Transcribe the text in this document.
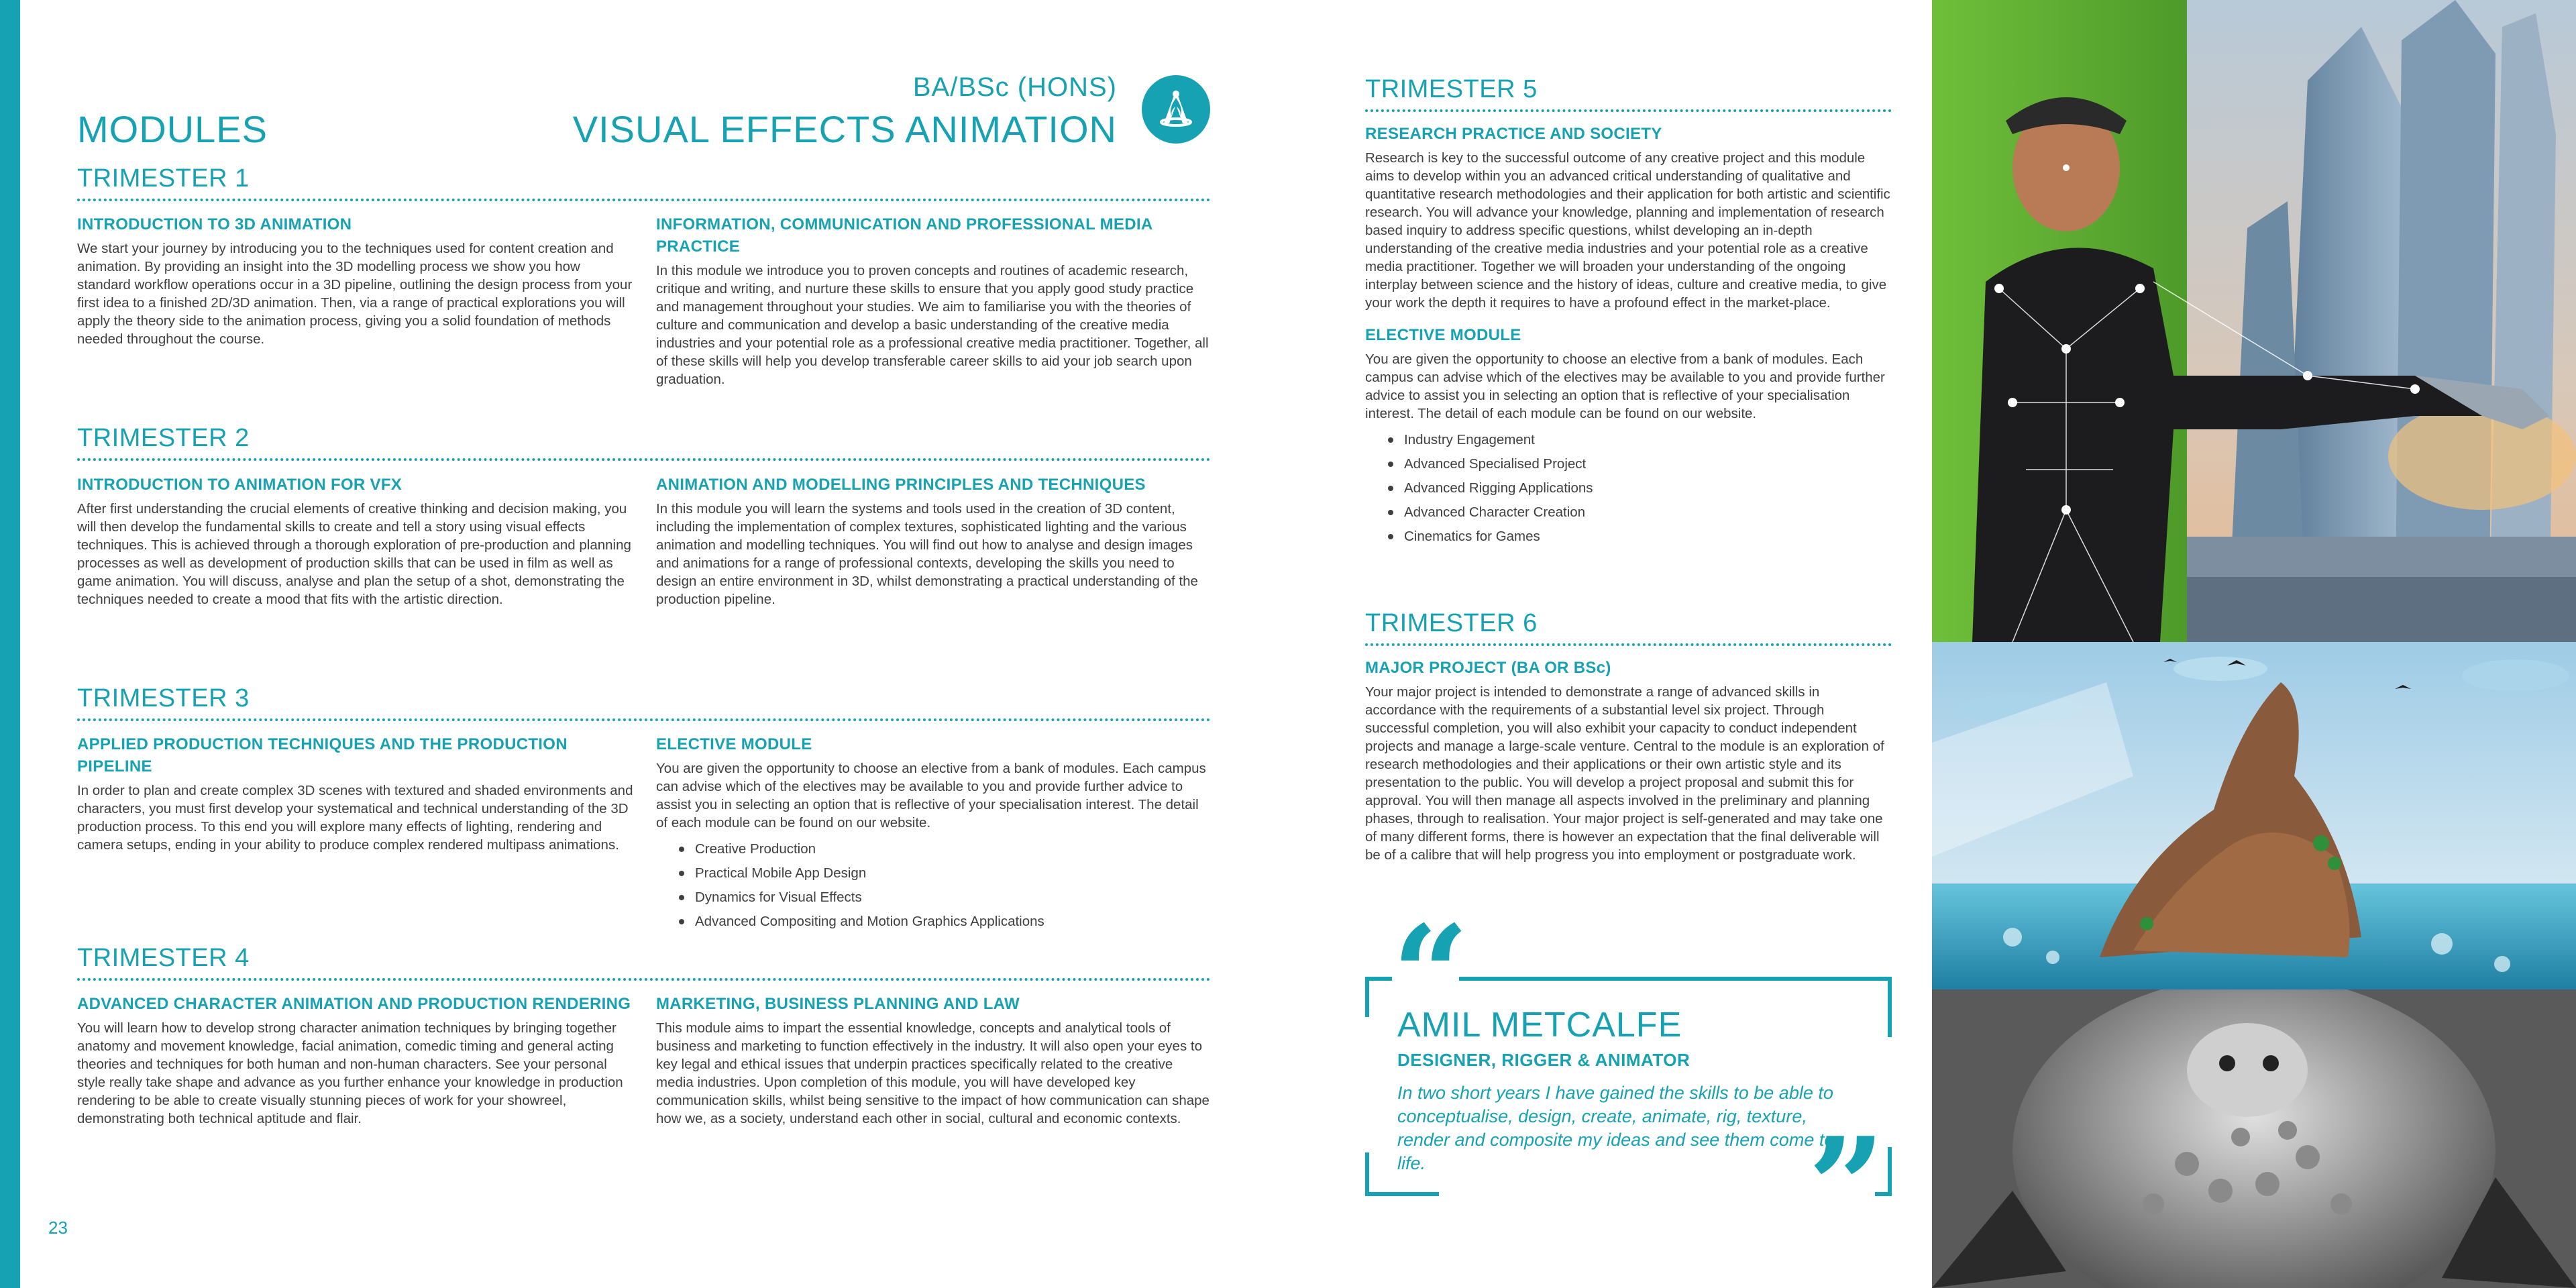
23
MODULES
BA/BSc (HONS)
VISUAL EFFECTS ANIMATION
TRIMESTER 1
INTRODUCTION TO 3D ANIMATION
We start your journey by introducing you to the techniques used for content creation and animation. By providing an insight into the 3D modelling process we show you how standard workflow operations occur in a 3D pipeline, outlining the design process from your first idea to a finished 2D/3D animation. Then, via a range of practical explorations you will apply the theory side to the animation process, giving you a solid foundation of methods needed throughout the course.
INFORMATION, COMMUNICATION AND PROFESSIONAL MEDIA PRACTICE
In this module we introduce you to proven concepts and routines of academic research, critique and writing, and nurture these skills to ensure that you apply good study practice and management throughout your studies. We aim to familiarise you with the theories of culture and communication and develop a basic understanding of the creative media industries and your potential role as a professional creative media practitioner. Together, all of these skills will help you develop transferable career skills to aid your job search upon graduation.
TRIMESTER 2
INTRODUCTION TO ANIMATION FOR VFX
After first understanding the crucial elements of creative thinking and decision making, you will then develop the fundamental skills to create and tell a story using visual effects techniques. This is achieved through a thorough exploration of pre-production and planning processes as well as development of production skills that can be used in film as well as game animation. You will discuss, analyse and plan the setup of a shot, demonstrating the techniques needed to create a mood that fits with the artistic direction.
ANIMATION AND MODELLING PRINCIPLES AND TECHNIQUES
In this module you will learn the systems and tools used in the creation of 3D content, including the implementation of complex textures, sophisticated lighting and the various animation and modelling techniques. You will find out how to analyse and design images and animations for a range of professional contexts, developing the skills you need to design an entire environment in 3D, whilst demonstrating a practical understanding of the production pipeline.
TRIMESTER 3
APPLIED PRODUCTION TECHNIQUES AND THE PRODUCTION PIPELINE
In order to plan and create complex 3D scenes with textured and shaded environments and characters, you must first develop your systematical and technical understanding of the 3D production process. To this end you will explore many effects of lighting, rendering and camera setups, ending in your ability to produce complex rendered multipass animations.
ELECTIVE MODULE
You are given the opportunity to choose an elective from a bank of modules. Each campus can advise which of the electives may be available to you and provide further advice to assist you in selecting an option that is reflective of your specialisation interest. The detail of each module can be found on our website.
Creative Production
Practical Mobile App Design
Dynamics for Visual Effects
Advanced Compositing and Motion Graphics Applications
TRIMESTER 4
ADVANCED CHARACTER ANIMATION AND PRODUCTION RENDERING
You will learn how to develop strong character animation techniques by bringing together anatomy and movement knowledge, facial animation, comedic timing and general acting theories and techniques for both human and non-human characters. See your personal style really take shape and advance as you further enhance your knowledge in production rendering to be able to create visually stunning pieces of work for your showreel, demonstrating both technical aptitude and flair.
MARKETING, BUSINESS PLANNING AND LAW
This module aims to impart the essential knowledge, concepts and analytical tools of business and marketing to function effectively in the industry. It will also open your eyes to key legal and ethical issues that underpin practices specifically related to the creative media industries. Upon completion of this module, you will have developed key communication skills, whilst being sensitive to the impact of how communication can shape how we, as a society, understand each other in social, cultural and economic contexts.
TRIMESTER 5
RESEARCH PRACTICE AND SOCIETY
Research is key to the successful outcome of any creative project and this module aims to develop within you an advanced critical understanding of qualitative and quantitative research methodologies and their application for both artistic and scientific research. You will advance your knowledge, planning and implementation of research based inquiry to address specific questions, whilst developing an in-depth understanding of the creative media industries and your potential role as a creative media practitioner. Together we will broaden your understanding of the ongoing interplay between science and the history of ideas, culture and creative media, to give your work the depth it requires to have a profound effect in the market-place.
ELECTIVE MODULE
You are given the opportunity to choose an elective from a bank of modules. Each campus can advise which of the electives may be available to you and provide further advice to assist you in selecting an option that is reflective of your specialisation interest. The detail of each module can be found on our website.
Industry Engagement
Advanced Specialised Project
Advanced Rigging Applications
Advanced Character Creation
Cinematics for Games
TRIMESTER 6
MAJOR PROJECT (BA OR BSc)
Your major project is intended to demonstrate a range of advanced skills in accordance with the requirements of a substantial level six project. Through successful completion, you will also exhibit your capacity to conduct independent projects and manage a large-scale venture. Central to the module is an exploration of research methodologies and their applications or their own artistic style and its presentation to the public. You will develop a project proposal and submit this for approval. You will then manage all aspects involved in the preliminary and planning phases, through to realisation. Your major project is self-generated and may take one of many different forms, there is however an expectation that the final deliverable will be of a calibre that will help progress you into employment or postgraduate work.
“
”
AMIL METCALFE
DESIGNER, RIGGER & ANIMATOR
In two short years I have gained the skills to be able to conceptualise, design, create, animate, rig, texture, render and composite my ideas and see them come to life.
